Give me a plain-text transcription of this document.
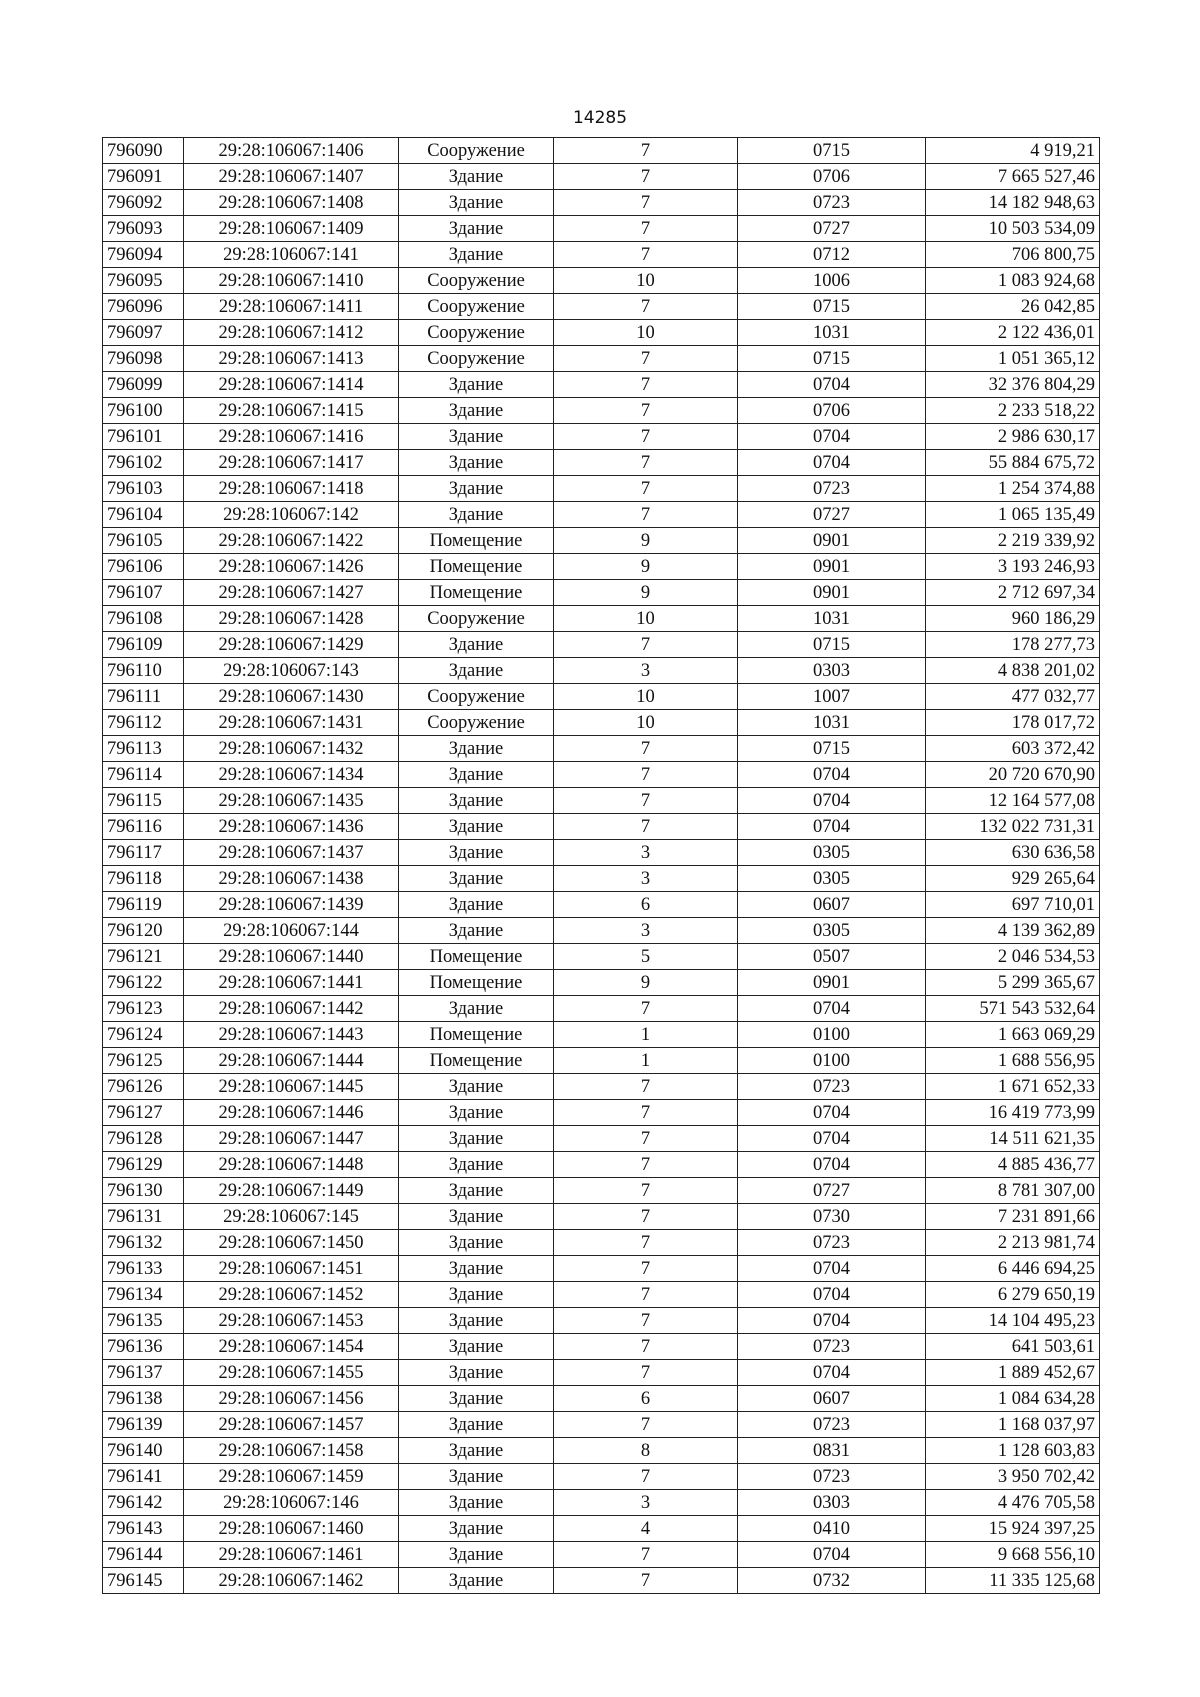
14285
796090	29:28:106067:1406	Сооружение	7	0715	4 919,21
796091	29:28:106067:1407	Здание	7	0706	7 665 527,46
796092	29:28:106067:1408	Здание	7	0723	14 182 948,63
796093	29:28:106067:1409	Здание	7	0727	10 503 534,09
796094	29:28:106067:141	Здание	7	0712	706 800,75
796095	29:28:106067:1410	Сооружение	10	1006	1 083 924,68
796096	29:28:106067:1411	Сооружение	7	0715	26 042,85
796097	29:28:106067:1412	Сооружение	10	1031	2 122 436,01
796098	29:28:106067:1413	Сооружение	7	0715	1 051 365,12
796099	29:28:106067:1414	Здание	7	0704	32 376 804,29
796100	29:28:106067:1415	Здание	7	0706	2 233 518,22
796101	29:28:106067:1416	Здание	7	0704	2 986 630,17
796102	29:28:106067:1417	Здание	7	0704	55 884 675,72
796103	29:28:106067:1418	Здание	7	0723	1 254 374,88
796104	29:28:106067:142	Здание	7	0727	1 065 135,49
796105	29:28:106067:1422	Помещение	9	0901	2 219 339,92
796106	29:28:106067:1426	Помещение	9	0901	3 193 246,93
796107	29:28:106067:1427	Помещение	9	0901	2 712 697,34
796108	29:28:106067:1428	Сооружение	10	1031	960 186,29
796109	29:28:106067:1429	Здание	7	0715	178 277,73
796110	29:28:106067:143	Здание	3	0303	4 838 201,02
796111	29:28:106067:1430	Сооружение	10	1007	477 032,77
796112	29:28:106067:1431	Сооружение	10	1031	178 017,72
796113	29:28:106067:1432	Здание	7	0715	603 372,42
796114	29:28:106067:1434	Здание	7	0704	20 720 670,90
796115	29:28:106067:1435	Здание	7	0704	12 164 577,08
796116	29:28:106067:1436	Здание	7	0704	132 022 731,31
796117	29:28:106067:1437	Здание	3	0305	630 636,58
796118	29:28:106067:1438	Здание	3	0305	929 265,64
796119	29:28:106067:1439	Здание	6	0607	697 710,01
796120	29:28:106067:144	Здание	3	0305	4 139 362,89
796121	29:28:106067:1440	Помещение	5	0507	2 046 534,53
796122	29:28:106067:1441	Помещение	9	0901	5 299 365,67
796123	29:28:106067:1442	Здание	7	0704	571 543 532,64
796124	29:28:106067:1443	Помещение	1	0100	1 663 069,29
796125	29:28:106067:1444	Помещение	1	0100	1 688 556,95
796126	29:28:106067:1445	Здание	7	0723	1 671 652,33
796127	29:28:106067:1446	Здание	7	0704	16 419 773,99
796128	29:28:106067:1447	Здание	7	0704	14 511 621,35
796129	29:28:106067:1448	Здание	7	0704	4 885 436,77
796130	29:28:106067:1449	Здание	7	0727	8 781 307,00
796131	29:28:106067:145	Здание	7	0730	7 231 891,66
796132	29:28:106067:1450	Здание	7	0723	2 213 981,74
796133	29:28:106067:1451	Здание	7	0704	6 446 694,25
796134	29:28:106067:1452	Здание	7	0704	6 279 650,19
796135	29:28:106067:1453	Здание	7	0704	14 104 495,23
796136	29:28:106067:1454	Здание	7	0723	641 503,61
796137	29:28:106067:1455	Здание	7	0704	1 889 452,67
796138	29:28:106067:1456	Здание	6	0607	1 084 634,28
796139	29:28:106067:1457	Здание	7	0723	1 168 037,97
796140	29:28:106067:1458	Здание	8	0831	1 128 603,83
796141	29:28:106067:1459	Здание	7	0723	3 950 702,42
796142	29:28:106067:146	Здание	3	0303	4 476 705,58
796143	29:28:106067:1460	Здание	4	0410	15 924 397,25
796144	29:28:106067:1461	Здание	7	0704	9 668 556,10
796145	29:28:106067:1462	Здание	7	0732	11 335 125,68
